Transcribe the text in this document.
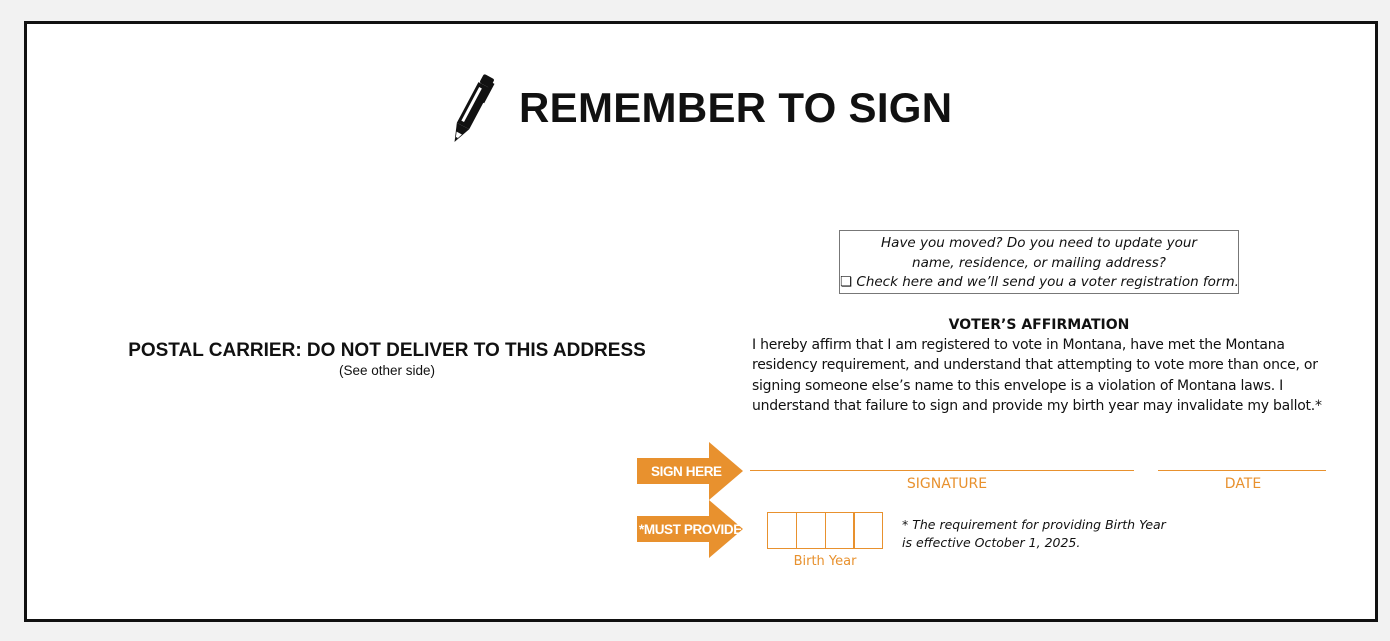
REMEMBER TO SIGN
Have you moved? Do you need to update your
name, residence, or mailing address?
❏ Check here and we’ll send you a voter registration form.
POSTAL CARRIER: DO NOT DELIVER TO THIS ADDRESS
(See other side)
VOTER’S AFFIRMATION
I hereby affirm that I am registered to vote in Montana, have met the Montana residency requirement, and understand that attempting to vote more than once, or signing someone else’s name to this envelope is a violation of Montana laws. I understand that failure to sign and provide my birth year may invalidate my ballot.*
SIGN HERE
SIGNATURE	DATE
*MUST PROVIDE
Birth Year
* The requirement for providing Birth Year
is effective October 1, 2025.
